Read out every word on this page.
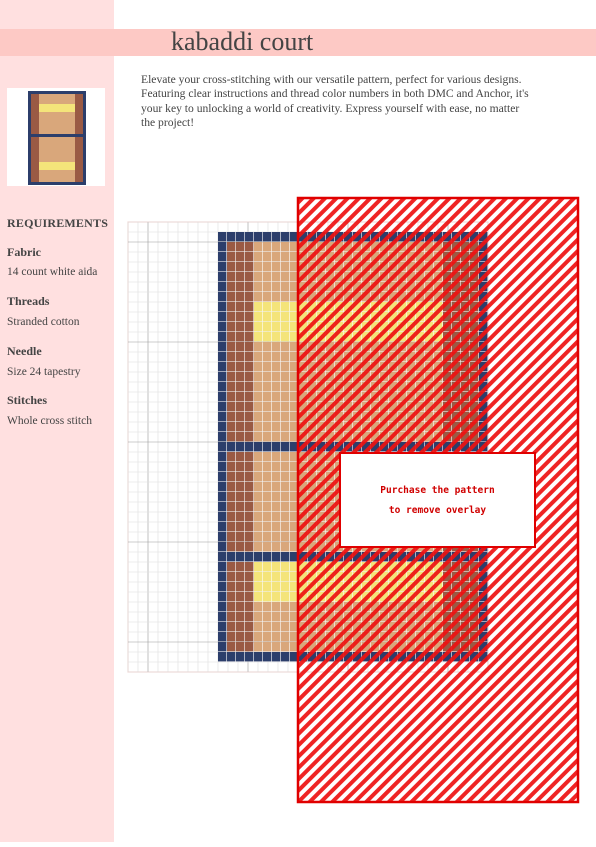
kabaddi court
Elevate your cross-stitching with our versatile pattern, perfect for various designs. Featuring clear instructions and thread color numbers in both DMC and Anchor, it's your key to unlocking a world of creativity. Express yourself with ease, no matter the project!
REQUIREMENTS
Fabric
14 count white aida
Threads
Stranded cotton
Needle
Size 24 tapestry
Stitches
Whole cross stitch
Purchase the pattern
to remove overlay
